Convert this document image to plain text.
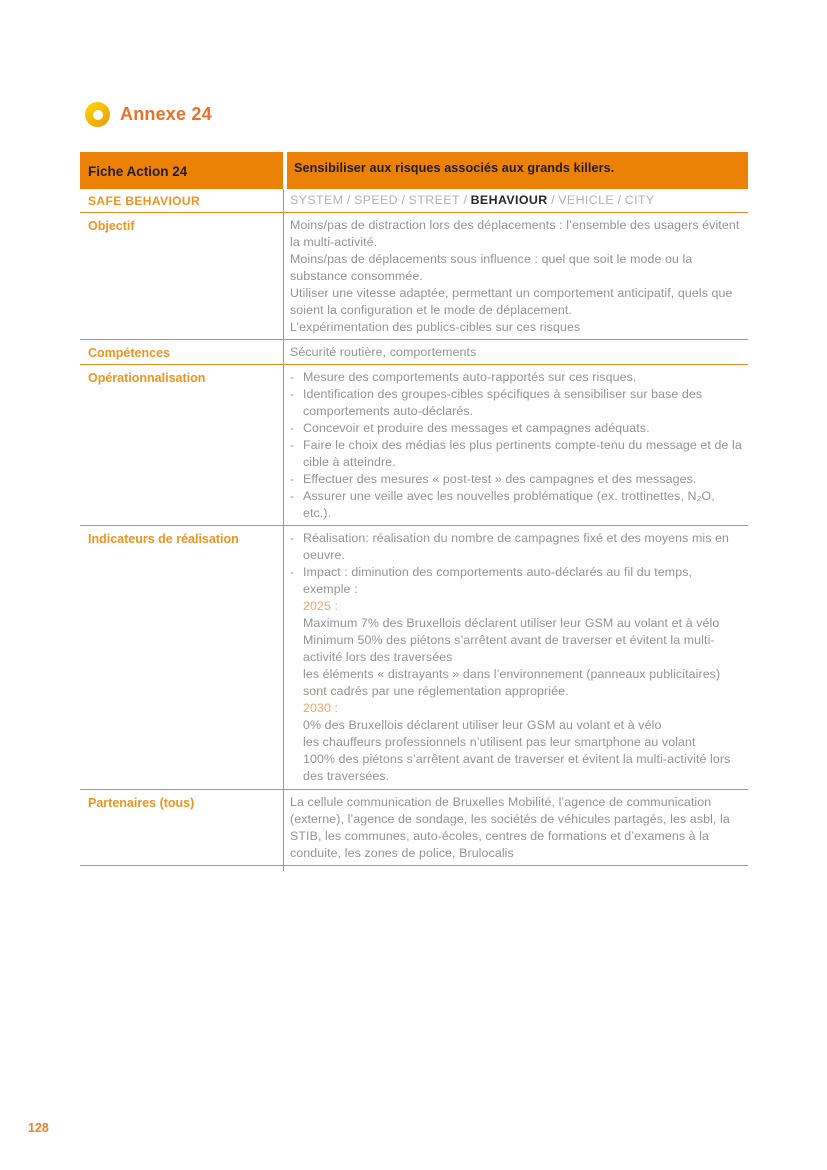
Annexe 24
Fiche Action 24	Sensibiliser aux risques associés aux grands killers.
SAFE BEHAVIOUR	SYSTEM / SPEED / STREET / BEHAVIOUR / VEHICLE / CITY
Objectif	Moins/pas de distraction lors des déplacements : l’ensemble des usagers évitent la multi-activité.
Moins/pas de déplacements sous influence : quel que soit le mode ou la substance consommée.
Utiliser une vitesse adaptée, permettant un comportement anticipatif, quels que soient la configuration et le mode de déplacement.
L’expérimentation des publics-cibles sur ces risques
Compétences	Sécurité routière, comportements
Opérationnalisation	- Mesure des comportements auto-rapportés sur ces risques.
- Identification des groupes-cibles spécifiques à sensibiliser sur base des comportements auto-déclarés.
- Concevoir et produire des messages et campagnes adéquats.
- Faire le choix des médias les plus pertinents compte-tenu du message et de la cible à atteindre.
- Effectuer des mesures « post-test » des campagnes et des messages.
- Assurer une veille avec les nouvelles problématique (ex. trottinettes, N₂O, etc.).
Indicateurs de réalisation	- Réalisation: réalisation du nombre de campagnes fixé et des moyens mis en oeuvre.
- Impact : diminution des comportements auto-déclarés au fil du temps, exemple :
2025 :
Maximum 7% des Bruxellois déclarent utiliser leur GSM au volant et à vélo
Minimum 50% des piétons s’arrêtent avant de traverser et évitent la multi-activité lors des traversées
les éléments « distrayants » dans l’environnement (panneaux publicitaires) sont cadrés par une réglementation appropriée.
2030 :
0% des Bruxellois déclarent utiliser leur GSM au volant et à vélo
les chauffeurs professionnels n’utilisent pas leur smartphone au volant
100% des piétons s’arrêtent avant de traverser et évitent la multi-activité lors des traversées.
Partenaires (tous)	La cellule communication de Bruxelles Mobilité, l’agence de communication (externe), l’agence de sondage, les sociétés de véhicules partagés, les asbl, la STIB, les communes, auto-écoles, centres de formations et d’examens à la conduite, les zones de police, Brulocalis
128
